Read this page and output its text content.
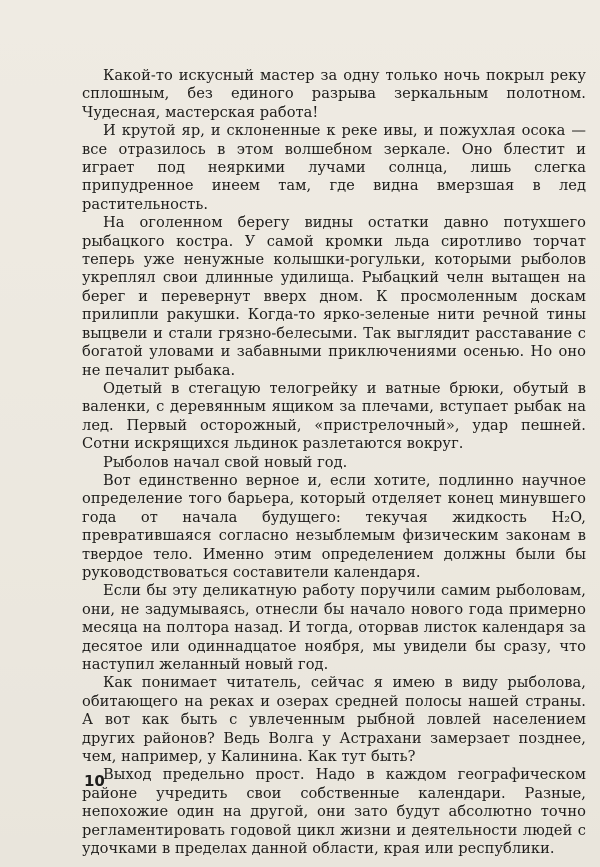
Какой-то искусный мастер за одну только ночь покрыл реку сплошным, без единого разрыва зеркальным полотном. Чудесная, мастерская работа!

И крутой яр, и склоненные к реке ивы, и пожухлая осока — все отразилось в этом волшебном зеркале. Оно блестит и играет под неяркими лучами солнца, лишь слегка припудренное инеем там, где видна вмерзшая в лед растительность.

На оголенном берегу видны остатки давно потухшего рыбацкого костра. У самой кромки льда сиротливо торчат теперь уже ненужные колышки-рогульки, которыми рыболов укреплял свои длинные удилища. Рыбацкий челн вытащен на берег и перевернут вверх дном. К просмоленным доскам прилипли ракушки. Когда-то ярко-зеленые нити речной тины выцвели и стали грязно-белесыми. Так выглядит расставание с богатой уловами и забавными приключениями осенью. Но оно не печалит рыбака.

Одетый в стегацую телогрейку и ватные брюки, обутый в валенки, с деревянным ящиком за плечами, вступает рыбак на лед. Первый осторожный, «пристрелочный», удар пешней. Сотни искрящихся льдинок разлетаются вокруг.

Рыболов начал свой новый год.

Вот единственно верное и, если хотите, подлинно научное определение того барьера, который отделяет конец минувшего года от начала будущего: текучая жидкость H₂O, превратившаяся согласно незыблемым физическим законам в твердое тело. Именно этим определением должны были бы руководствоваться составители календаря.

Если бы эту деликатную работу поручили самим рыболовам, они, не задумываясь, отнесли бы начало нового года примерно месяца на полтора назад. И тогда, оторвав листок календаря за десятое или одиннадцатое ноября, мы увидели бы сразу, что наступил желанный новый год.

Как понимает читатель, сейчас я имею в виду рыболова, обитающего на реках и озерах средней полосы нашей страны. А вот как быть с увлеченным рыбной ловлей населением других районов? Ведь Волга у Астрахани замерзает позднее, чем, например, у Калинина. Как тут быть?

Выход предельно прост. Надо в каждом географическом районе учредить свои собственные календари. Разные, непохожие один на другой, они зато будут абсолютно точно регламентировать годовой цикл жизни и деятельности людей с удочками в пределах данной области, края или республики.

10
